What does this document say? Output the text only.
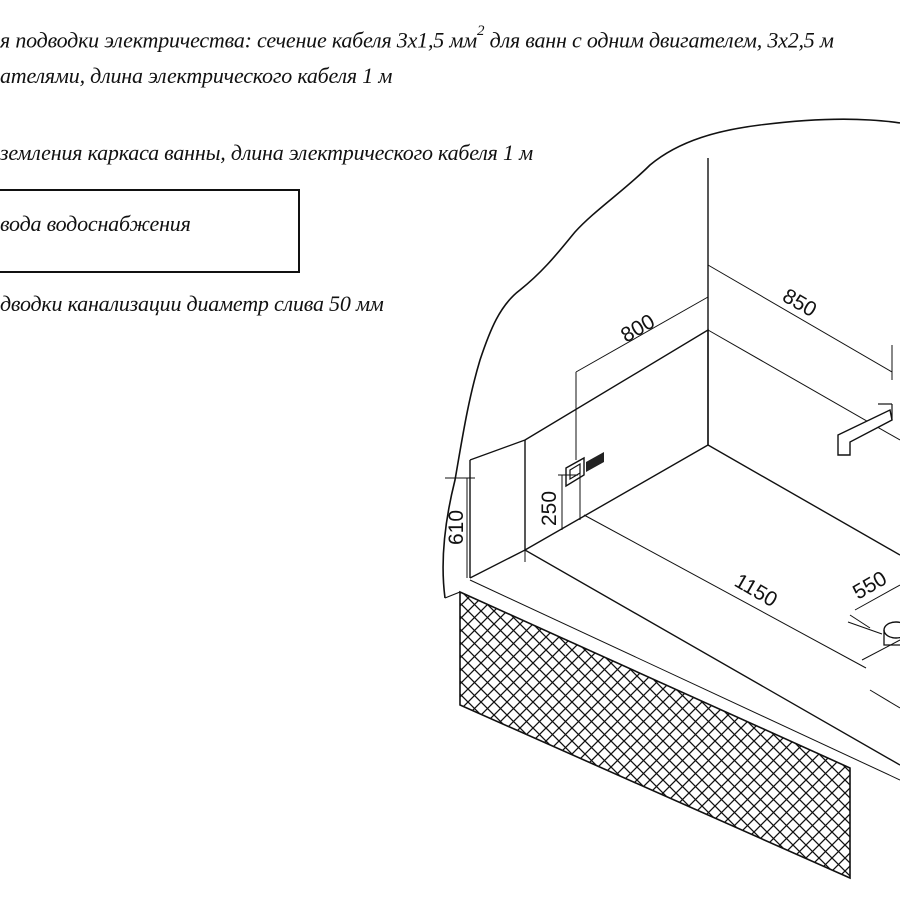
я подводки электричества: сечение кабеля 3х1,5 $мм^2$ для ванн с одним двигателем, 3х2,5 м
ателями, длина электрического кабеля 1 м
земления каркаса ванны, длина электрического кабеля 1 м
вода водоснабжения
дводки канализации диаметр слива 50 мм
800
850
610
250
1150	550
